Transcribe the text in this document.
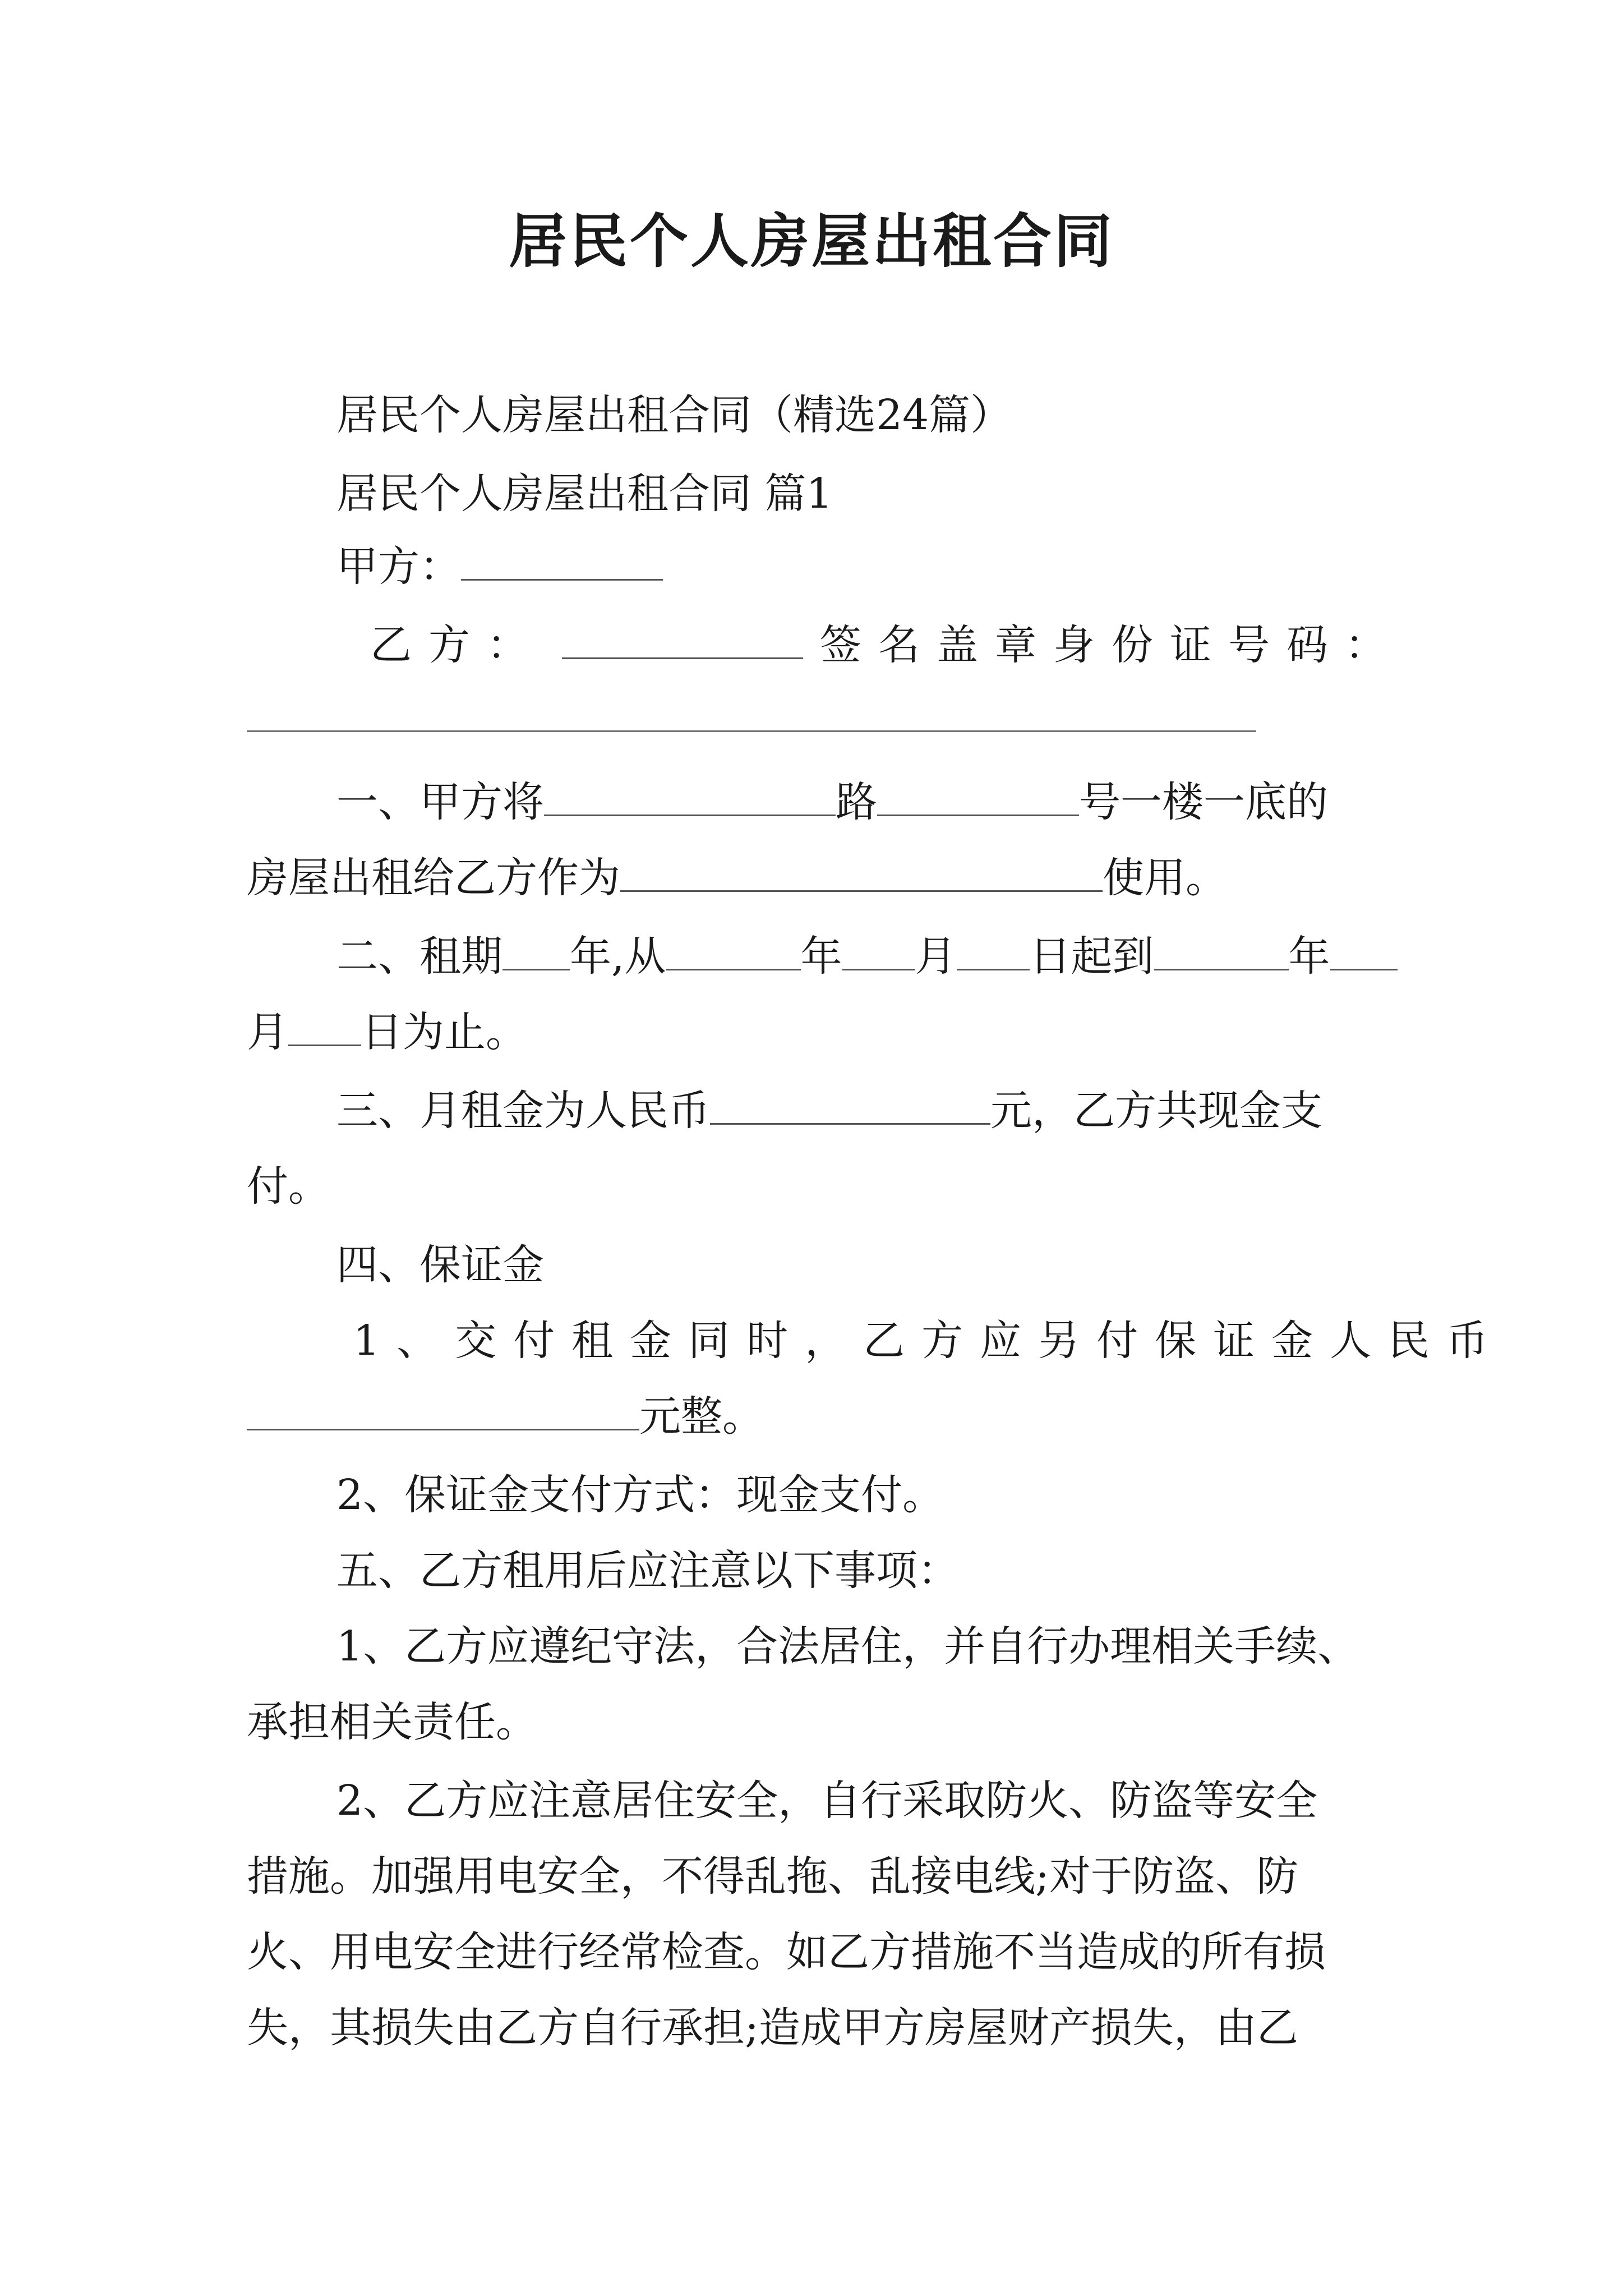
居民个人房屋出租合同
居民个人房屋出租合同（精选24篇）
居民个人房屋出租合同 篇1
甲方：
乙方：	签名盖章身份证号码：
一、甲方将	路	号一楼一底的
房屋出租给乙方作为	使用。
二、租期 年,从	年 月 日起到	年
月 日为止。
三、月租金为人民币	元，乙方共现金支
付。
四、保证金
1、交付租金同时，乙方应另付保证金人民币
元整。
2、保证金支付方式：现金支付。
五、乙方租用后应注意以下事项：
1、乙方应遵纪守法，合法居住，并自行办理相关手续、
承担相关责任。
2、乙方应注意居住安全，自行采取防火、防盗等安全
措施。加强用电安全，不得乱拖、乱接电线;对于防盗、防
火、用电安全进行经常检查。如乙方措施不当造成的所有损
失，其损失由乙方自行承担;造成甲方房屋财产损失，由乙
